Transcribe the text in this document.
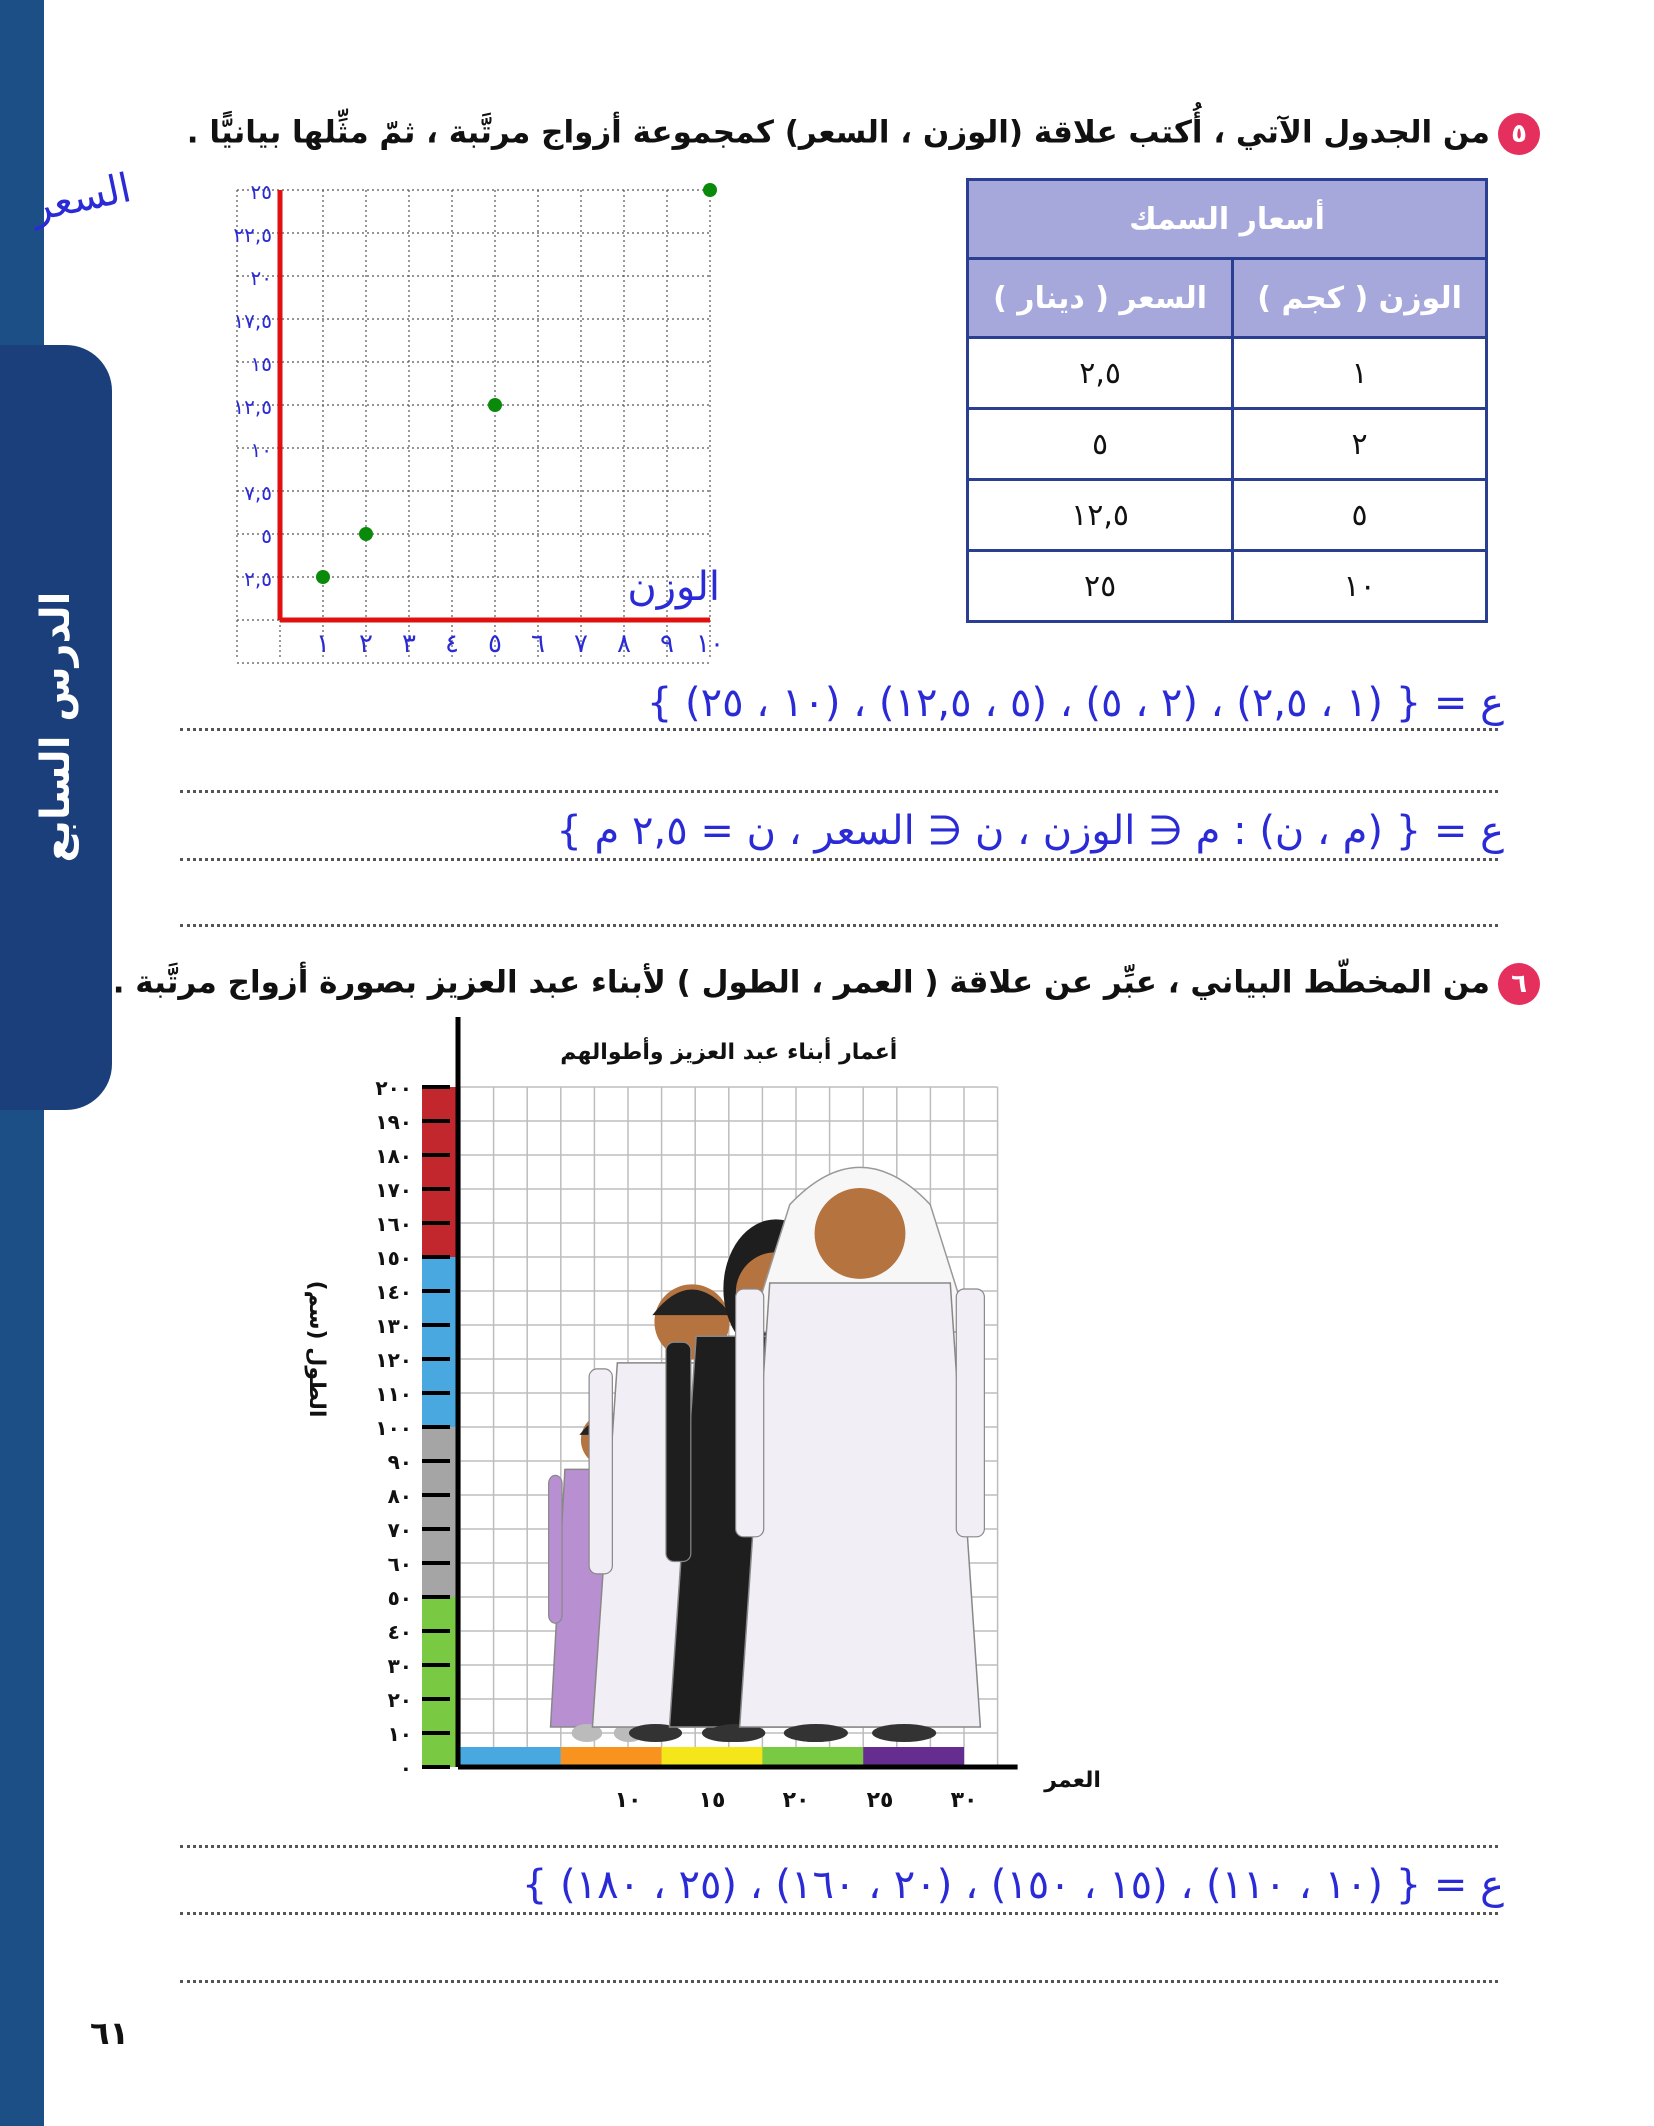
الدرس السابع
٥من الجدول الآتي ، أُكتب علاقة (الوزن ، السعر) كمجموعة أزواج مرتَّبة ، ثمّ مثِّلها بيانيًّا .
أسعار السمك	
الوزن ( كجم )	السعر ( دينار )
١	٢,٥
٢	٥
٥	١٢,٥
١٠	٢٥
١ ٢ ٣ ٤ ٥ ٦ ٧ ٨ ٩ ١٠
٢,٥
٥
٧,٥
١٠
١٢,٥
١٥
١٧,٥
٢٠
٢٢,٥
٢٥
الوزن
السعر
ع = { (١ ، ٢,٥) ، (٢ ، ٥) ، (٥ ، ١٢,٥) ، (١٠ ، ٢٥) }
ع = { (م ، ن) : م ∈ الوزن ، ن ∈ السعر ، ن = ٢,٥ م }
٦من المخطّط البياني ، عبِّر عن علاقة ( العمر ، الطول ) لأبناء عبد العزيز بصورة أزواج مرتَّبة .
٠
١٠
٢٠
٣٠
٤٠
٥٠
٦٠
٧٠
٨٠
٩٠
١٠٠
١١٠
١٢٠
١٣٠
١٤٠
١٥٠
١٦٠
١٧٠
١٨٠
١٩٠
٢٠٠
١٠	١٥	٢٠	٢٥	٣٠
أعمار أبناء عبد العزيز وأطوالهم
العمر
الطول (سم)
ع = { (١٠ ، ١١٠) ، (١٥ ، ١٥٠) ، (٢٠ ، ١٦٠) ، (٢٥ ، ١٨٠) }
٦١
